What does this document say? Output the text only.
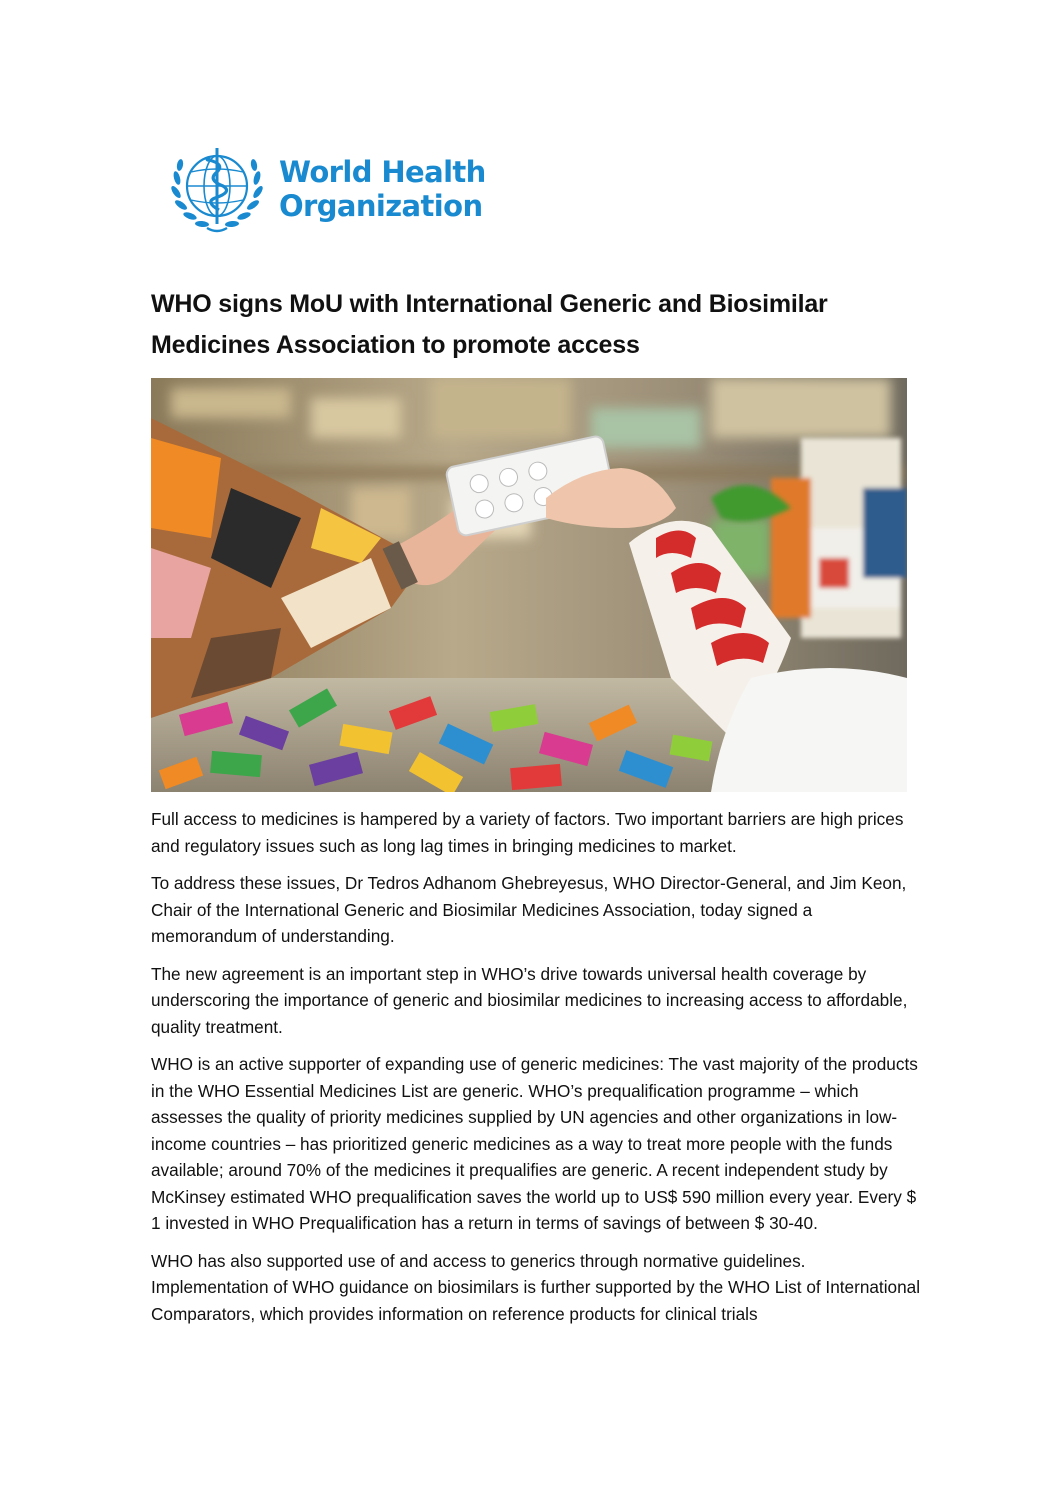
World Health
Organization
WHO signs MoU with International Generic and Biosimilar Medicines Association to promote access

Full access to medicines is hampered by a variety of factors. Two important barriers are high prices and regulatory issues such as long lag times in bringing medicines to market.

To address these issues, Dr Tedros Adhanom Ghebreyesus, WHO Director-General, and Jim Keon, Chair of the International Generic and Biosimilar Medicines Association, today signed a memorandum of understanding.

The new agreement is an important step in WHO’s drive towards universal health coverage by underscoring the importance of generic and biosimilar medicines to increasing access to affordable, quality treatment.

WHO is an active supporter of expanding use of generic medicines: The vast majority of the products in the WHO Essential Medicines List are generic. WHO’s prequalification programme – which assesses the quality of priority medicines supplied by UN agencies and other organizations in low-income countries – has prioritized generic medicines as a way to treat more people with the funds available; around 70% of the medicines it prequalifies are generic. A recent independent study by McKinsey estimated WHO prequalification saves the world up to US$ 590 million every year. Every $ 1 invested in WHO Prequalification has a return in terms of savings of between $ 30-40.

WHO has also supported use of and access to generics through normative guidelines. Implementation of WHO guidance on biosimilars is further supported by the WHO List of International Comparators, which provides information on reference products for clinical trials
